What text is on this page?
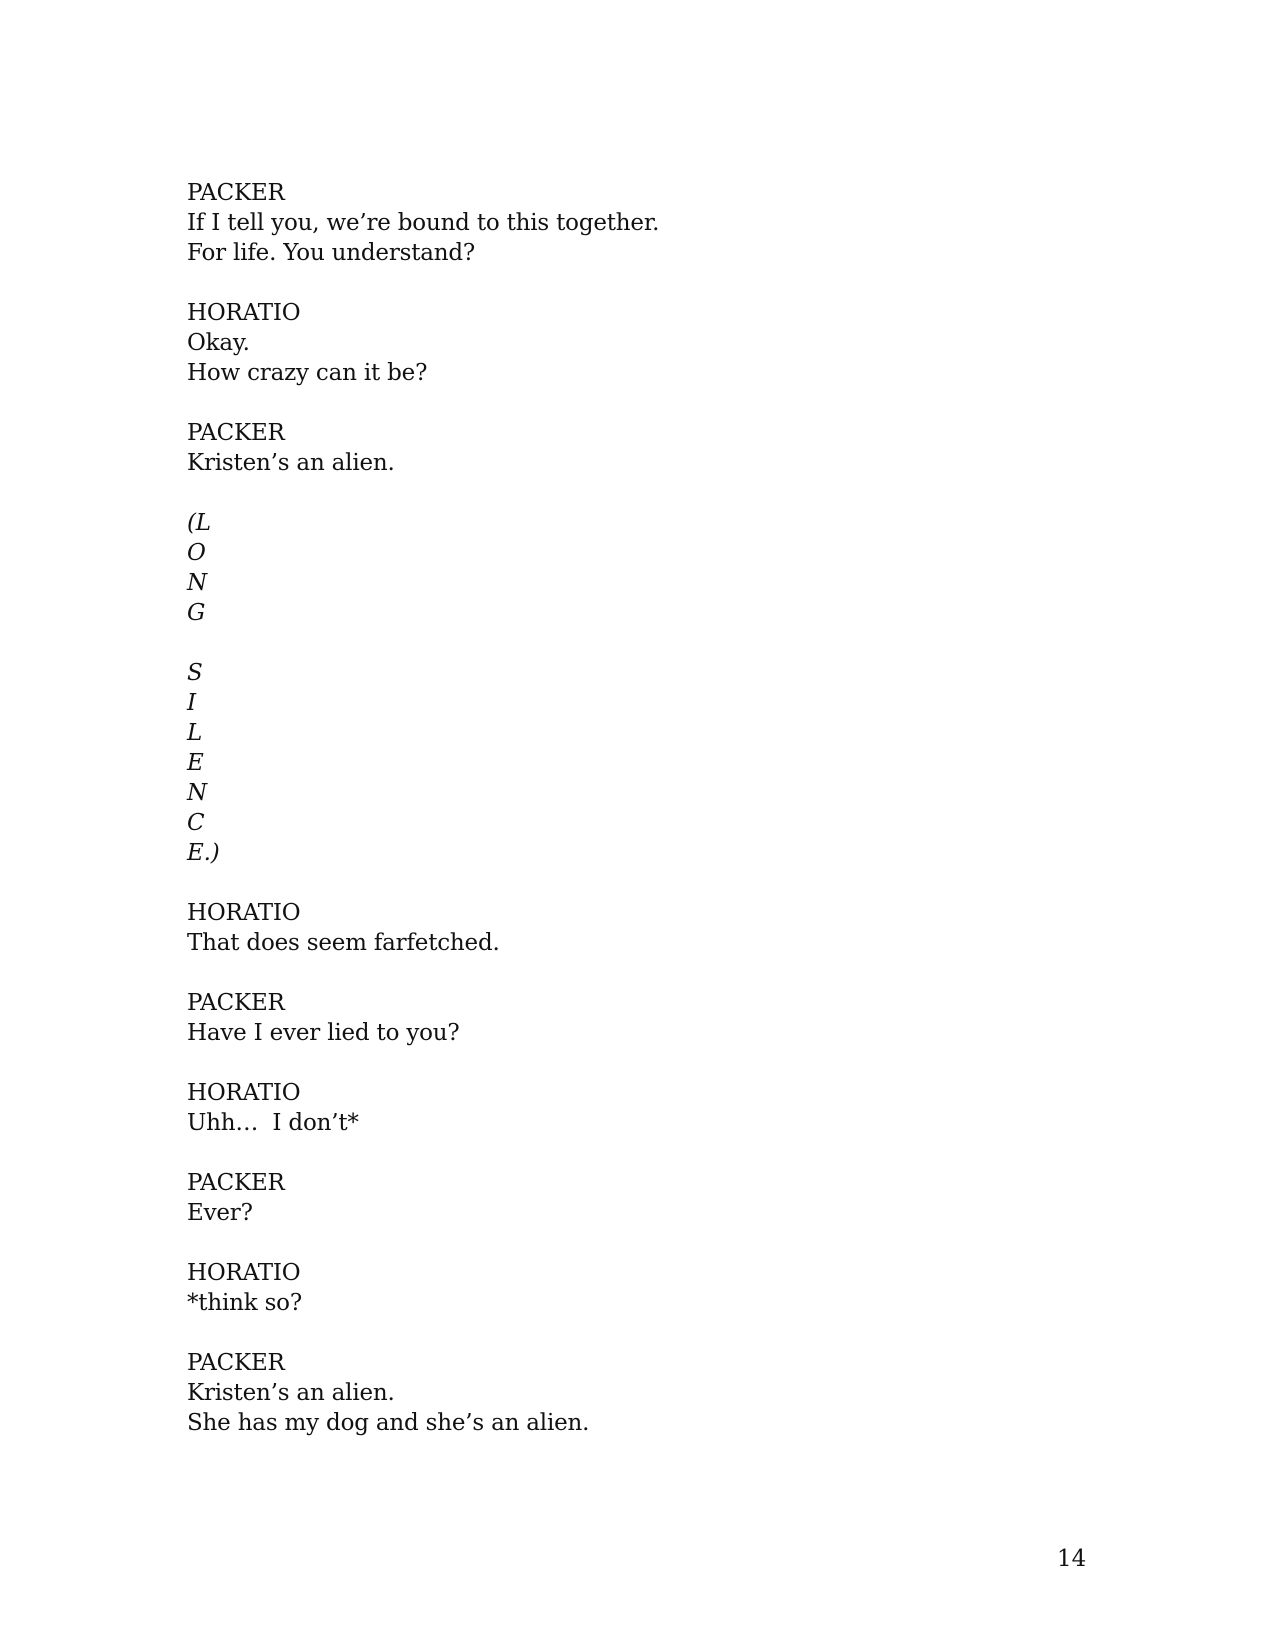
PACKER
If I tell you, we’re bound to this together.
For life. You understand?
HORATIO
Okay.
How crazy can it be?
PACKER
Kristen’s an alien.
(L
O
N
G
S
I
L
E
N
C
E.)
HORATIO
That does seem farfetched.
PACKER
Have I ever lied to you?
HORATIO
Uhh…  I don’t*
PACKER
Ever?
HORATIO
*think so?
PACKER
Kristen’s an alien.
She has my dog and she’s an alien.
14
